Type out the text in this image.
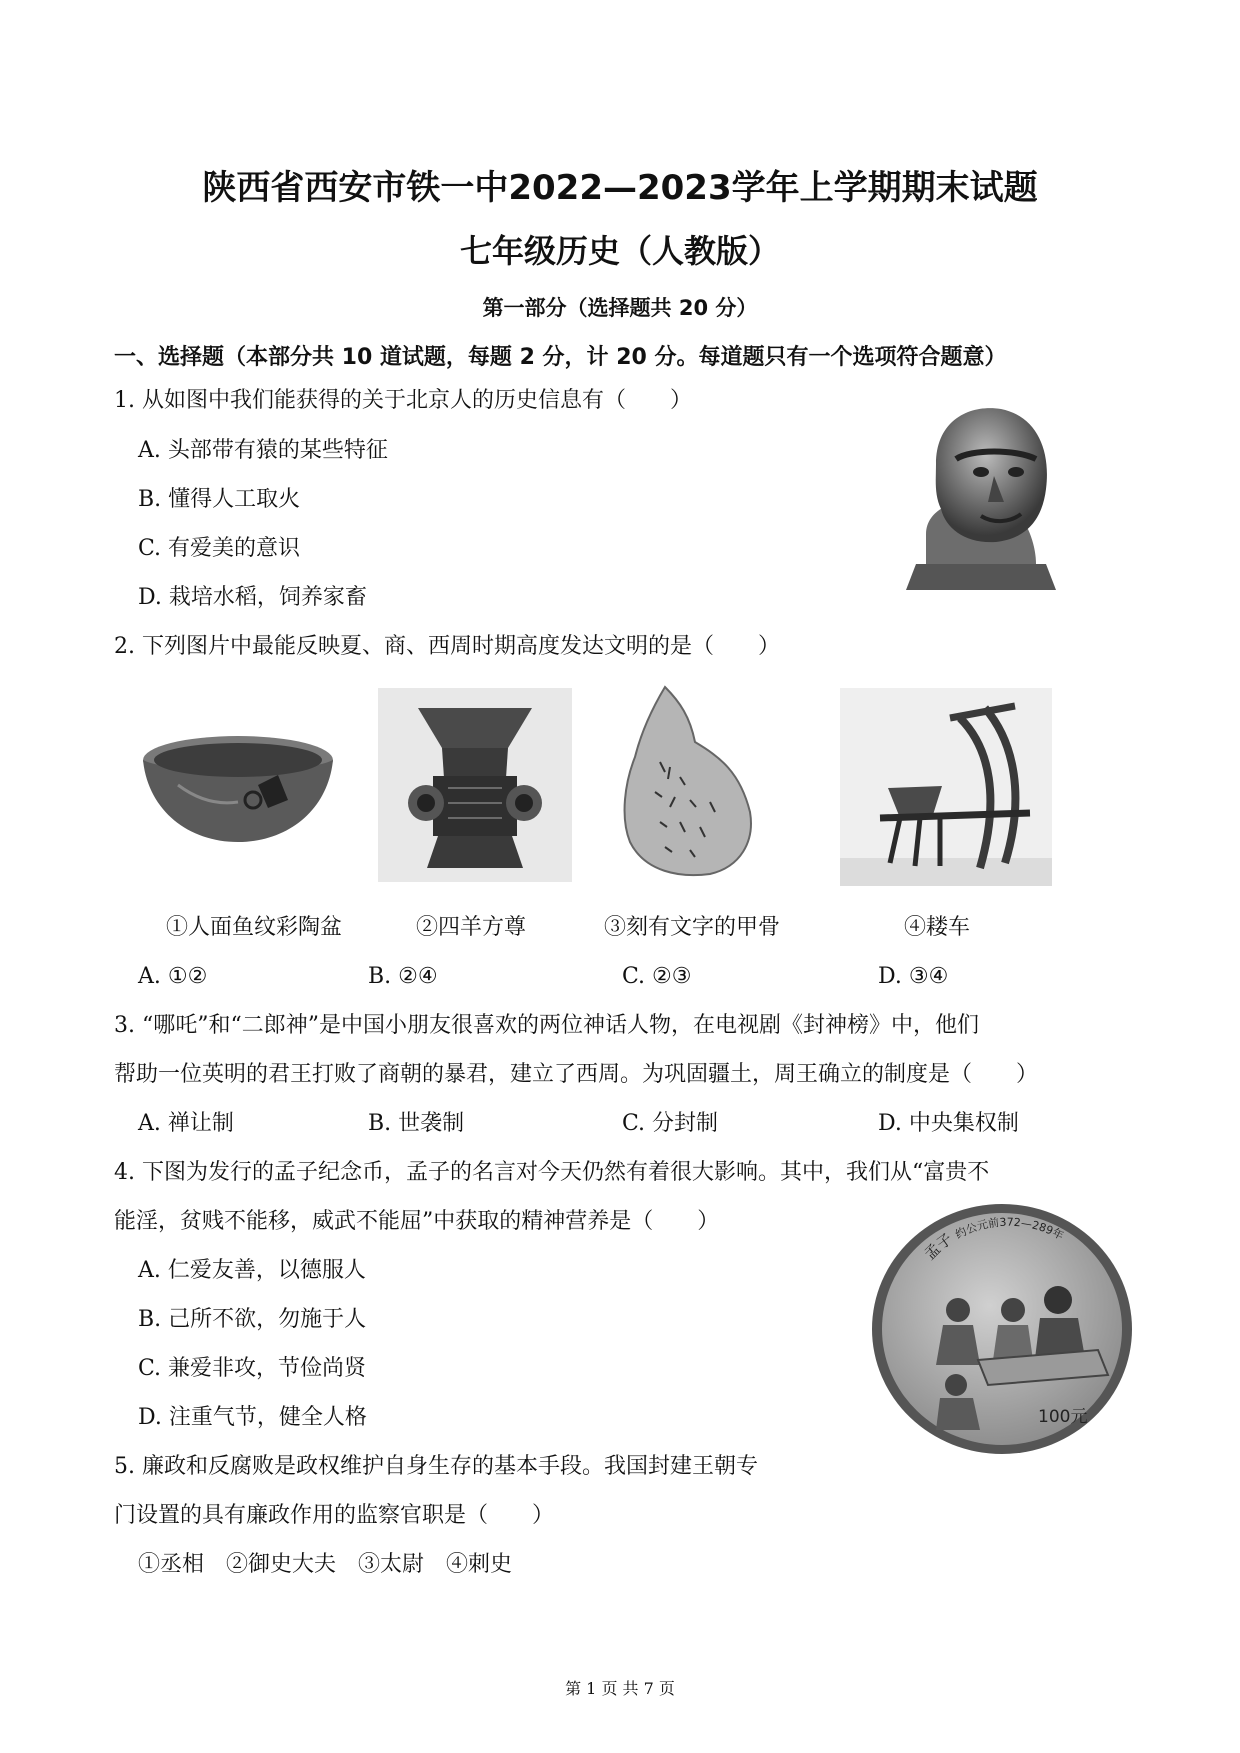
陕西省西安市铁一中2022—2023学年上学期期末试题
七年级历史（人教版）
第一部分（选择题共 20 分）
一、选择题（本部分共 10 道试题，每题 2 分，计 20 分。每道题只有一个选项符合题意）
1. 从如图中我们能获得的关于北京人的历史信息有（　　）
A. 头部带有猿的某些特征
B. 懂得人工取火
C. 有爱美的意识
D. 栽培水稻，饲养家畜
2. 下列图片中最能反映夏、商、西周时期高度发达文明的是（　　）
①人面鱼纹彩陶盆	②四羊方尊	③刻有文字的甲骨	④耧车
A. ①②	B. ②④	C. ②③	D. ③④
3. “哪吒”和“二郎神”是中国小朋友很喜欢的两位神话人物，在电视剧《封神榜》中，他们
帮助一位英明的君王打败了商朝的暴君，建立了西周。为巩固疆土，周王确立的制度是（　　）
A. 禅让制	B. 世袭制	C. 分封制	D. 中央集权制
4. 下图为发行的孟子纪念币，孟子的名言对今天仍然有着很大影响。其中，我们从“富贵不
能淫，贫贱不能移，威武不能屈”中获取的精神营养是（　　）
A. 仁爱友善，以德服人
B. 己所不欲，勿施于人
C. 兼爱非攻，节俭尚贤
D. 注重气节，健全人格
孟子 约公元前372—289年
100元
5. 廉政和反腐败是政权维护自身生存的基本手段。我国封建王朝专
门设置的具有廉政作用的监察官职是（　　）
①丞相　②御史大夫　③太尉　④刺史
第 1 页 共 7 页
